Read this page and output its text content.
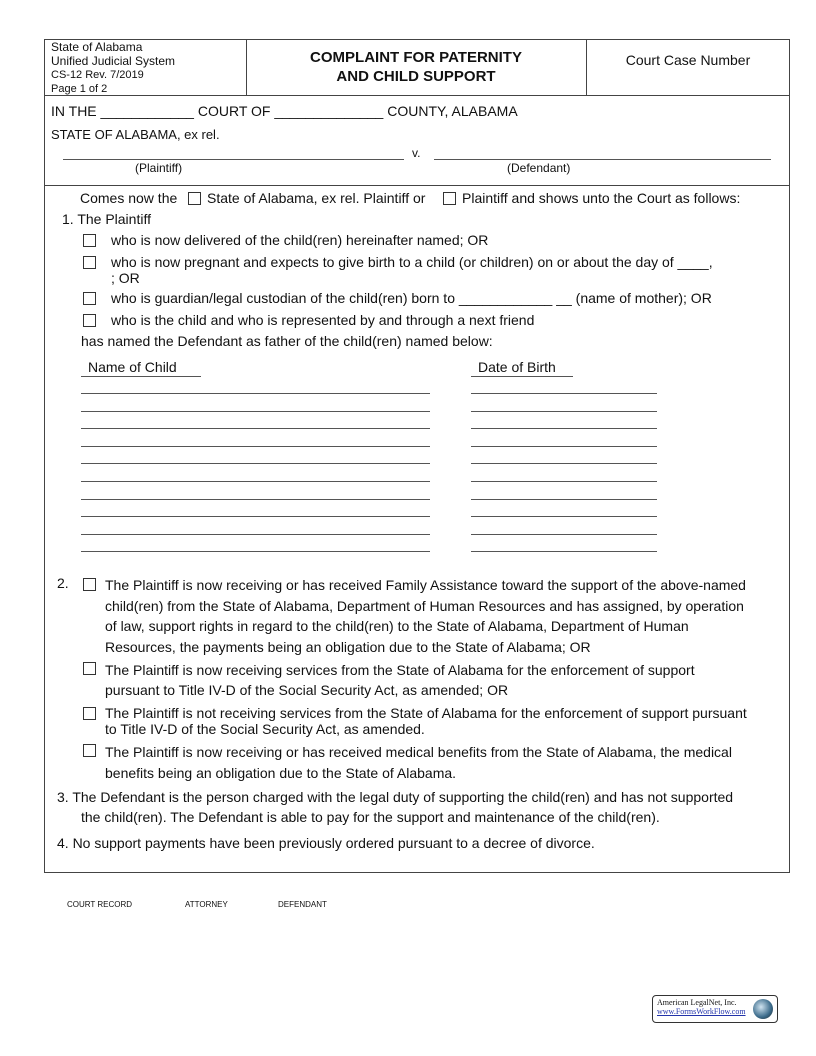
State of Alabama
Unified Judicial System
CS-12 Rev. 7/2019
Page 1 of 2
COMPLAINT FOR PATERNITY
AND CHILD SUPPORT
Court Case Number
IN THE ____________ COURT OF ______________ COUNTY, ALABAMA
STATE OF ALABAMA, ex rel.
v.
(Plaintiff)	(Defendant)
Comes now the State of Alabama, ex rel. Plaintiff or	Plaintiff and shows unto the Court as follows:
1. The Plaintiff
who is now delivered of the child(ren) hereinafter named; OR
who is now pregnant and expects to give birth to a child (or children) on or about the day of ____,
; OR
who is guardian/legal custodian of the child(ren) born to ____________ __ (name of mother); OR
who is the child and who is represented by and through a next friend
has named the Defendant as father of the child(ren) named below:
Name of Child	Date of Birth
2.	The Plaintiff is now receiving or has received Family Assistance toward the support of the above-named
child(ren) from the State of Alabama, Department of Human Resources and has assigned, by operation
of law, support rights in regard to the child(ren) to the State of Alabama, Department of Human
Resources, the payments being an obligation due to the State of Alabama; OR
The Plaintiff is now receiving services from the State of Alabama for the enforcement of support
pursuant to Title IV-D of the Social Security Act, as amended; OR
The Plaintiff is not receiving services from the State of Alabama for the enforcement of support pursuant
to Title IV-D of the Social Security Act, as amended.
The Plaintiff is now receiving or has received medical benefits from the State of Alabama, the medical
benefits being an obligation due to the State of Alabama.
3. The Defendant is the person charged with the legal duty of supporting the child(ren) and has not supported
the child(ren). The Defendant is able to pay for the support and maintenance of the child(ren).
4. No support payments have been previously ordered pursuant to a decree of divorce.
COURT RECORD	ATTORNEY	DEFENDANT
American LegalNet, Inc.
www.FormsWorkFlow.com
